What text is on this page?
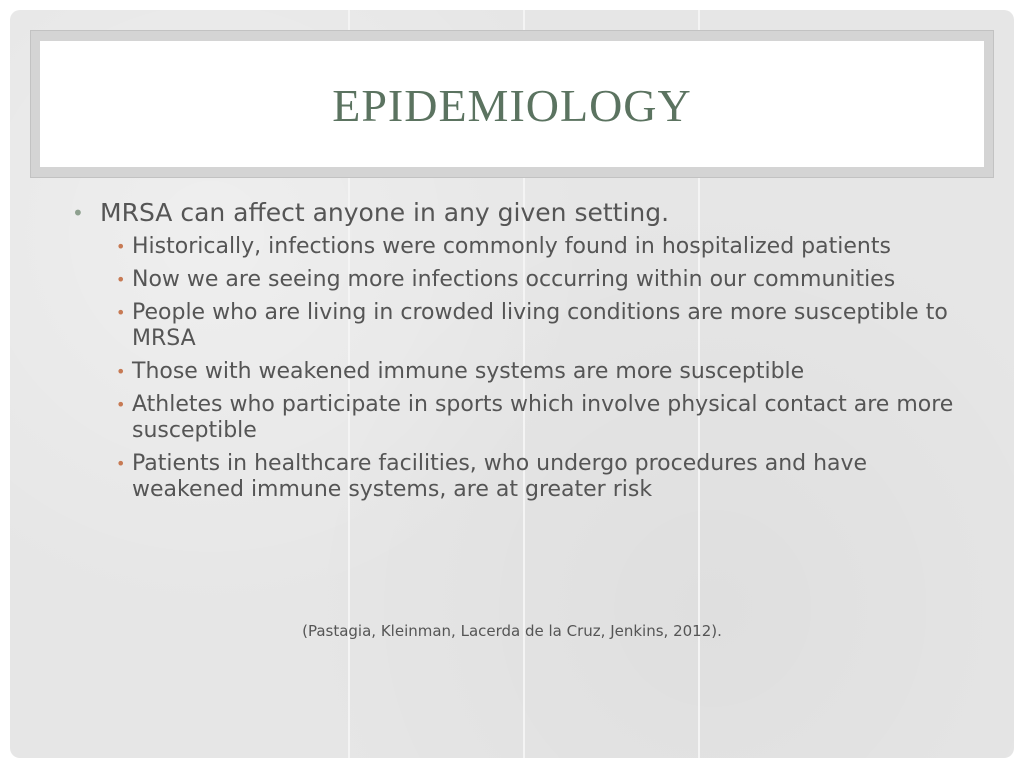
EPIDEMIOLOGY
• MRSA can affect anyone in any given setting.
• Historically, infections were commonly found in hospitalized patients
• Now we are seeing more infections occurring within our communities
• People who are living in crowded living conditions are more susceptible to MRSA
• Those with weakened immune systems are more susceptible
• Athletes who participate in sports which involve physical contact are more susceptible
• Patients in healthcare facilities, who undergo procedures and have weakened immune systems, are at greater risk
(Pastagia, Kleinman, Lacerda de la Cruz, Jenkins, 2012).
